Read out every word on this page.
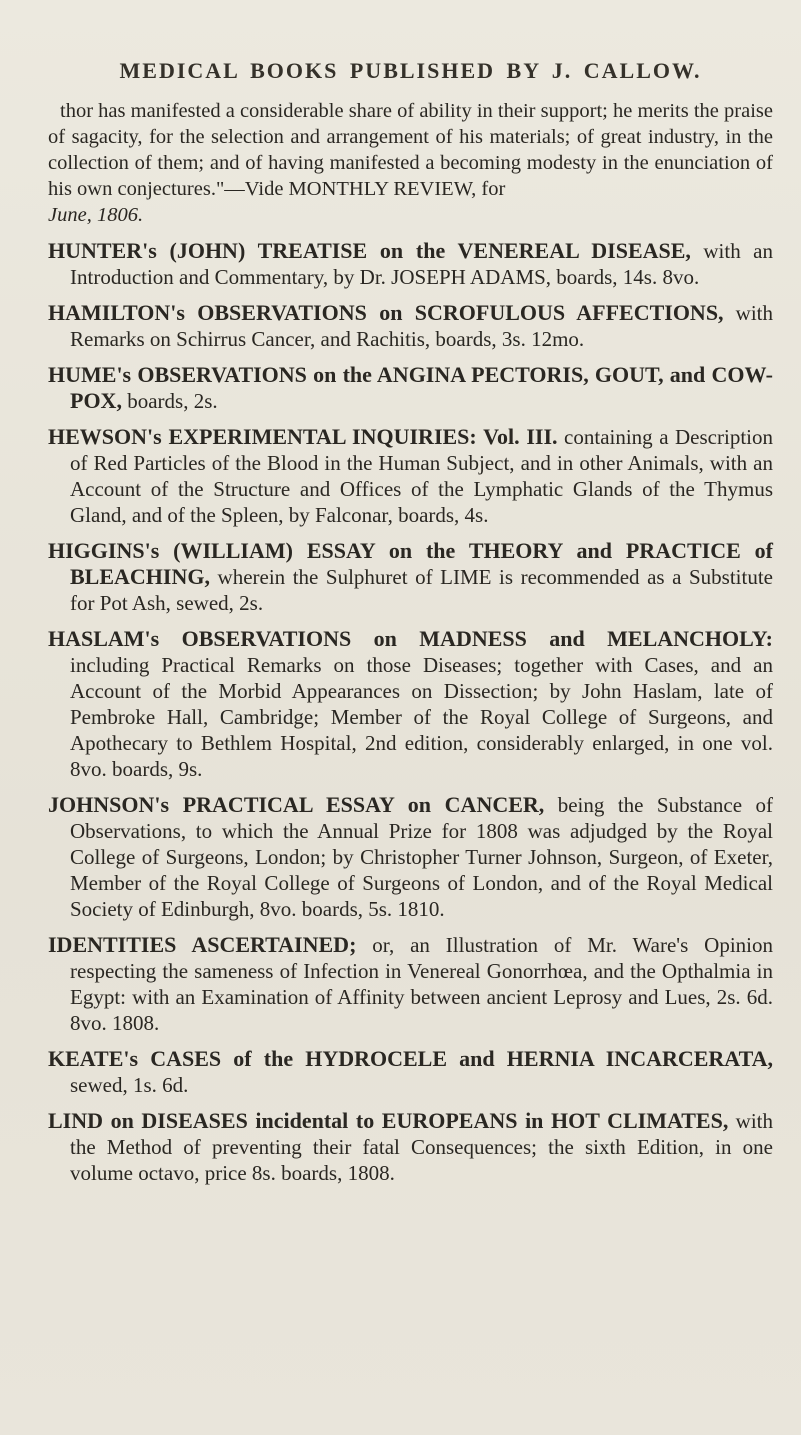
MEDICAL BOOKS PUBLISHED BY J. CALLOW.

thor has manifested a considerable share of ability in their support; he merits the praise of sagacity, for the selection and arrangement of his materials; of great industry, in the collection of them; and of having manifested a becoming modesty in the enunciation of his own conjectures."—Vide MONTHLY REVIEW, for
June, 1806.

HUNTER's (JOHN) TREATISE on the VENEREAL DISEASE, with an Introduction and Commentary, by Dr. JOSEPH ADAMS, boards, 14s. 8vo.

HAMILTON's OBSERVATIONS on SCROFULOUS AFFECTIONS, with Remarks on Schirrus Cancer, and Rachitis, boards, 3s. 12mo.

HUME's OBSERVATIONS on the ANGINA PECTORIS, GOUT, and COW-POX, boards, 2s.

HEWSON's EXPERIMENTAL INQUIRIES: Vol. III. containing a Description of Red Particles of the Blood in the Human Subject, and in other Animals, with an Account of the Structure and Offices of the Lymphatic Glands of the Thymus Gland, and of the Spleen, by Falconar, boards, 4s.

HIGGINS's (WILLIAM) ESSAY on the THEORY and PRACTICE of BLEACHING, wherein the Sulphuret of LIME is recommended as a Substitute for Pot Ash, sewed, 2s.

HASLAM's OBSERVATIONS on MADNESS and MELANCHOLY: including Practical Remarks on those Diseases; together with Cases, and an Account of the Morbid Appearances on Dissection; by John Haslam, late of Pembroke Hall, Cambridge; Member of the Royal College of Surgeons, and Apothecary to Bethlem Hospital, 2nd edition, considerably enlarged, in one vol. 8vo. boards, 9s.

JOHNSON's PRACTICAL ESSAY on CANCER, being the Substance of Observations, to which the Annual Prize for 1808 was adjudged by the Royal College of Surgeons, London; by Christopher Turner Johnson, Surgeon, of Exeter, Member of the Royal College of Surgeons of London, and of the Royal Medical Society of Edinburgh, 8vo. boards, 5s. 1810.

IDENTITIES ASCERTAINED; or, an Illustration of Mr. Ware's Opinion respecting the sameness of Infection in Venereal Gonorrhœa, and the Opthalmia in Egypt: with an Examination of Affinity between ancient Leprosy and Lues, 2s. 6d. 8vo. 1808.

KEATE's CASES of the HYDROCELE and HERNIA INCARCERATA, sewed, 1s. 6d.

LIND on DISEASES incidental to EUROPEANS in HOT CLIMATES, with the Method of preventing their fatal Consequences; the sixth Edition, in one volume octavo, price 8s. boards, 1808.
